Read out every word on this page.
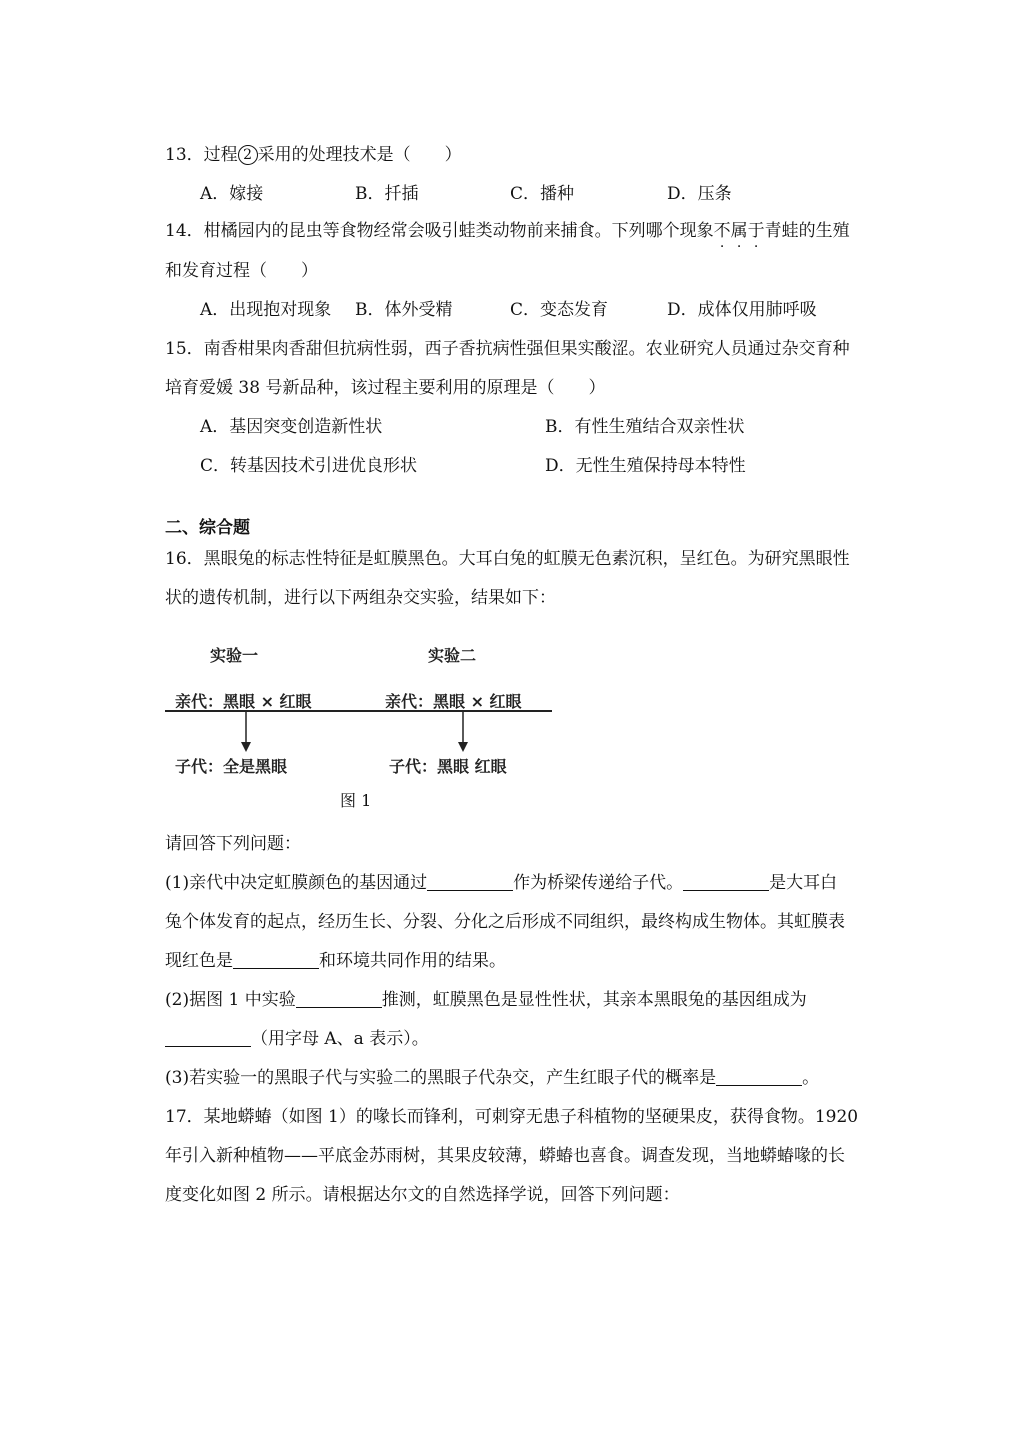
13．过程 2 采用的处理技术是（　　）
A．嫁接	B．扦插	C．播种	D．压条
14．柑橘园内的昆虫等食物经常会吸引蛙类动物前来捕食。下列哪个现象不属于青蛙的生殖
和发育过程（　　）
A．出现抱对现象 B．体外受精	C．变态发育	D．成体仅用肺呼吸
15．南香柑果肉香甜但抗病性弱，西子香抗病性强但果实酸涩。农业研究人员通过杂交育种
培育爱媛 38 号新品种，该过程主要利用的原理是（　　）
A．基因突变创造新性状	B．有性生殖结合双亲性状
C．转基因技术引进优良形状	D．无性生殖保持母本特性
二、综合题
16．黑眼兔的标志性特征是虹膜黑色。大耳白兔的虹膜无色素沉积，呈红色。为研究黑眼性
状的遗传机制，进行以下两组杂交实验，结果如下：
实验一	实验二
亲代：黑眼 × 红眼	亲代：黑眼 × 红眼
子代：全是黑眼	子代：黑眼 红眼
图 1
请回答下列问题：
(1)亲代中决定虹膜颜色的基因通过	作为桥梁传递给子代。	是大耳白
兔个体发育的起点，经历生长、分裂、分化之后形成不同组织，最终构成生物体。其虹膜表
现红色是	和环境共同作用的结果。
(2)据图 1 中实验	推测，虹膜黑色是显性性状，其亲本黑眼兔的基因组成为
（用字母 A、a 表示）。
(3)若实验一的黑眼子代与实验二的黑眼子代杂交，产生红眼子代的概率是	。
17．某地蟒蝽（如图 1）的喙长而锋利，可刺穿无患子科植物的坚硬果皮，获得食物。1920
年引入新种植物——平底金苏雨树，其果皮较薄，蟒蝽也喜食。调查发现，当地蟒蝽喙的长
度变化如图 2 所示。请根据达尔文的自然选择学说，回答下列问题：
